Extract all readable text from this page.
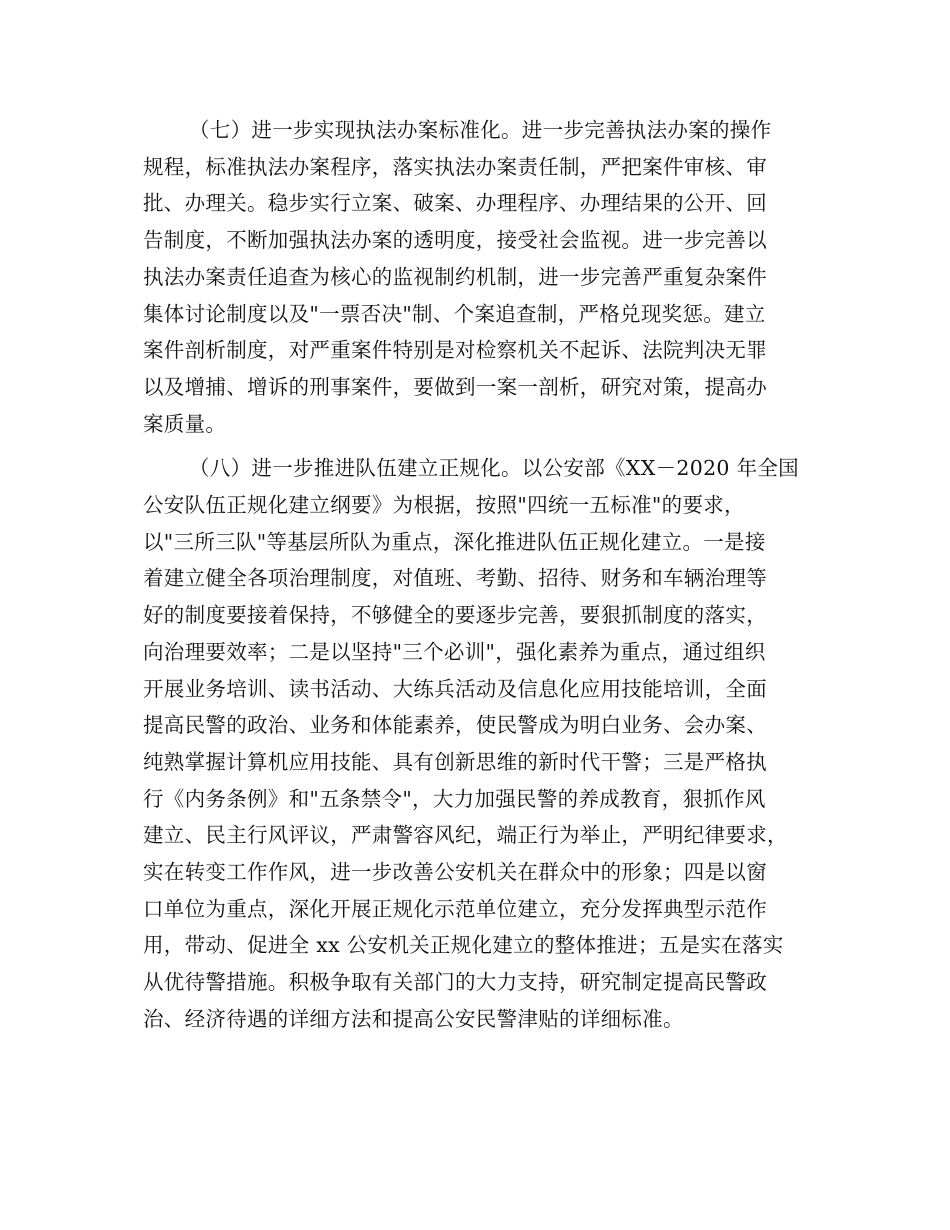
（七）进一步实现执法办案标准化。进一步完善执法办案的操作
规程，标准执法办案程序，落实执法办案责任制，严把案件审核、审
批、办理关。稳步实行立案、破案、办理程序、办理结果的公开、回
告制度，不断加强执法办案的透明度，接受社会监视。进一步完善以
执法办案责任追查为核心的监视制约机制，进一步完善严重复杂案件
集体讨论制度以及"一票否决"制、个案追查制，严格兑现奖惩。建立
案件剖析制度，对严重案件特别是对检察机关不起诉、法院判决无罪
以及增捕、增诉的刑事案件，要做到一案一剖析，研究对策，提高办
案质量。

（八）进一步推进队伍建立正规化。以公安部《XX－2020 年全国
公安队伍正规化建立纲要》为根据，按照"四统一五标准"的要求，
以"三所三队"等基层所队为重点，深化推进队伍正规化建立。一是接
着建立健全各项治理制度，对值班、考勤、招待、财务和车辆治理等
好的制度要接着保持，不够健全的要逐步完善，要狠抓制度的落实，
向治理要效率；二是以坚持"三个必训"，强化素养为重点，通过组织
开展业务培训、读书活动、大练兵活动及信息化应用技能培训，全面
提高民警的政治、业务和体能素养，使民警成为明白业务、会办案、
纯熟掌握计算机应用技能、具有创新思维的新时代干警；三是严格执
行《内务条例》和"五条禁令"，大力加强民警的养成教育，狠抓作风
建立、民主行风评议，严肃警容风纪，端正行为举止，严明纪律要求，
实在转变工作作风，进一步改善公安机关在群众中的形象；四是以窗
口单位为重点，深化开展正规化示范单位建立，充分发挥典型示范作
用，带动、促进全 xx 公安机关正规化建立的整体推进；五是实在落实
从优待警措施。积极争取有关部门的大力支持，研究制定提高民警政
治、经济待遇的详细方法和提高公安民警津贴的详细标准。
